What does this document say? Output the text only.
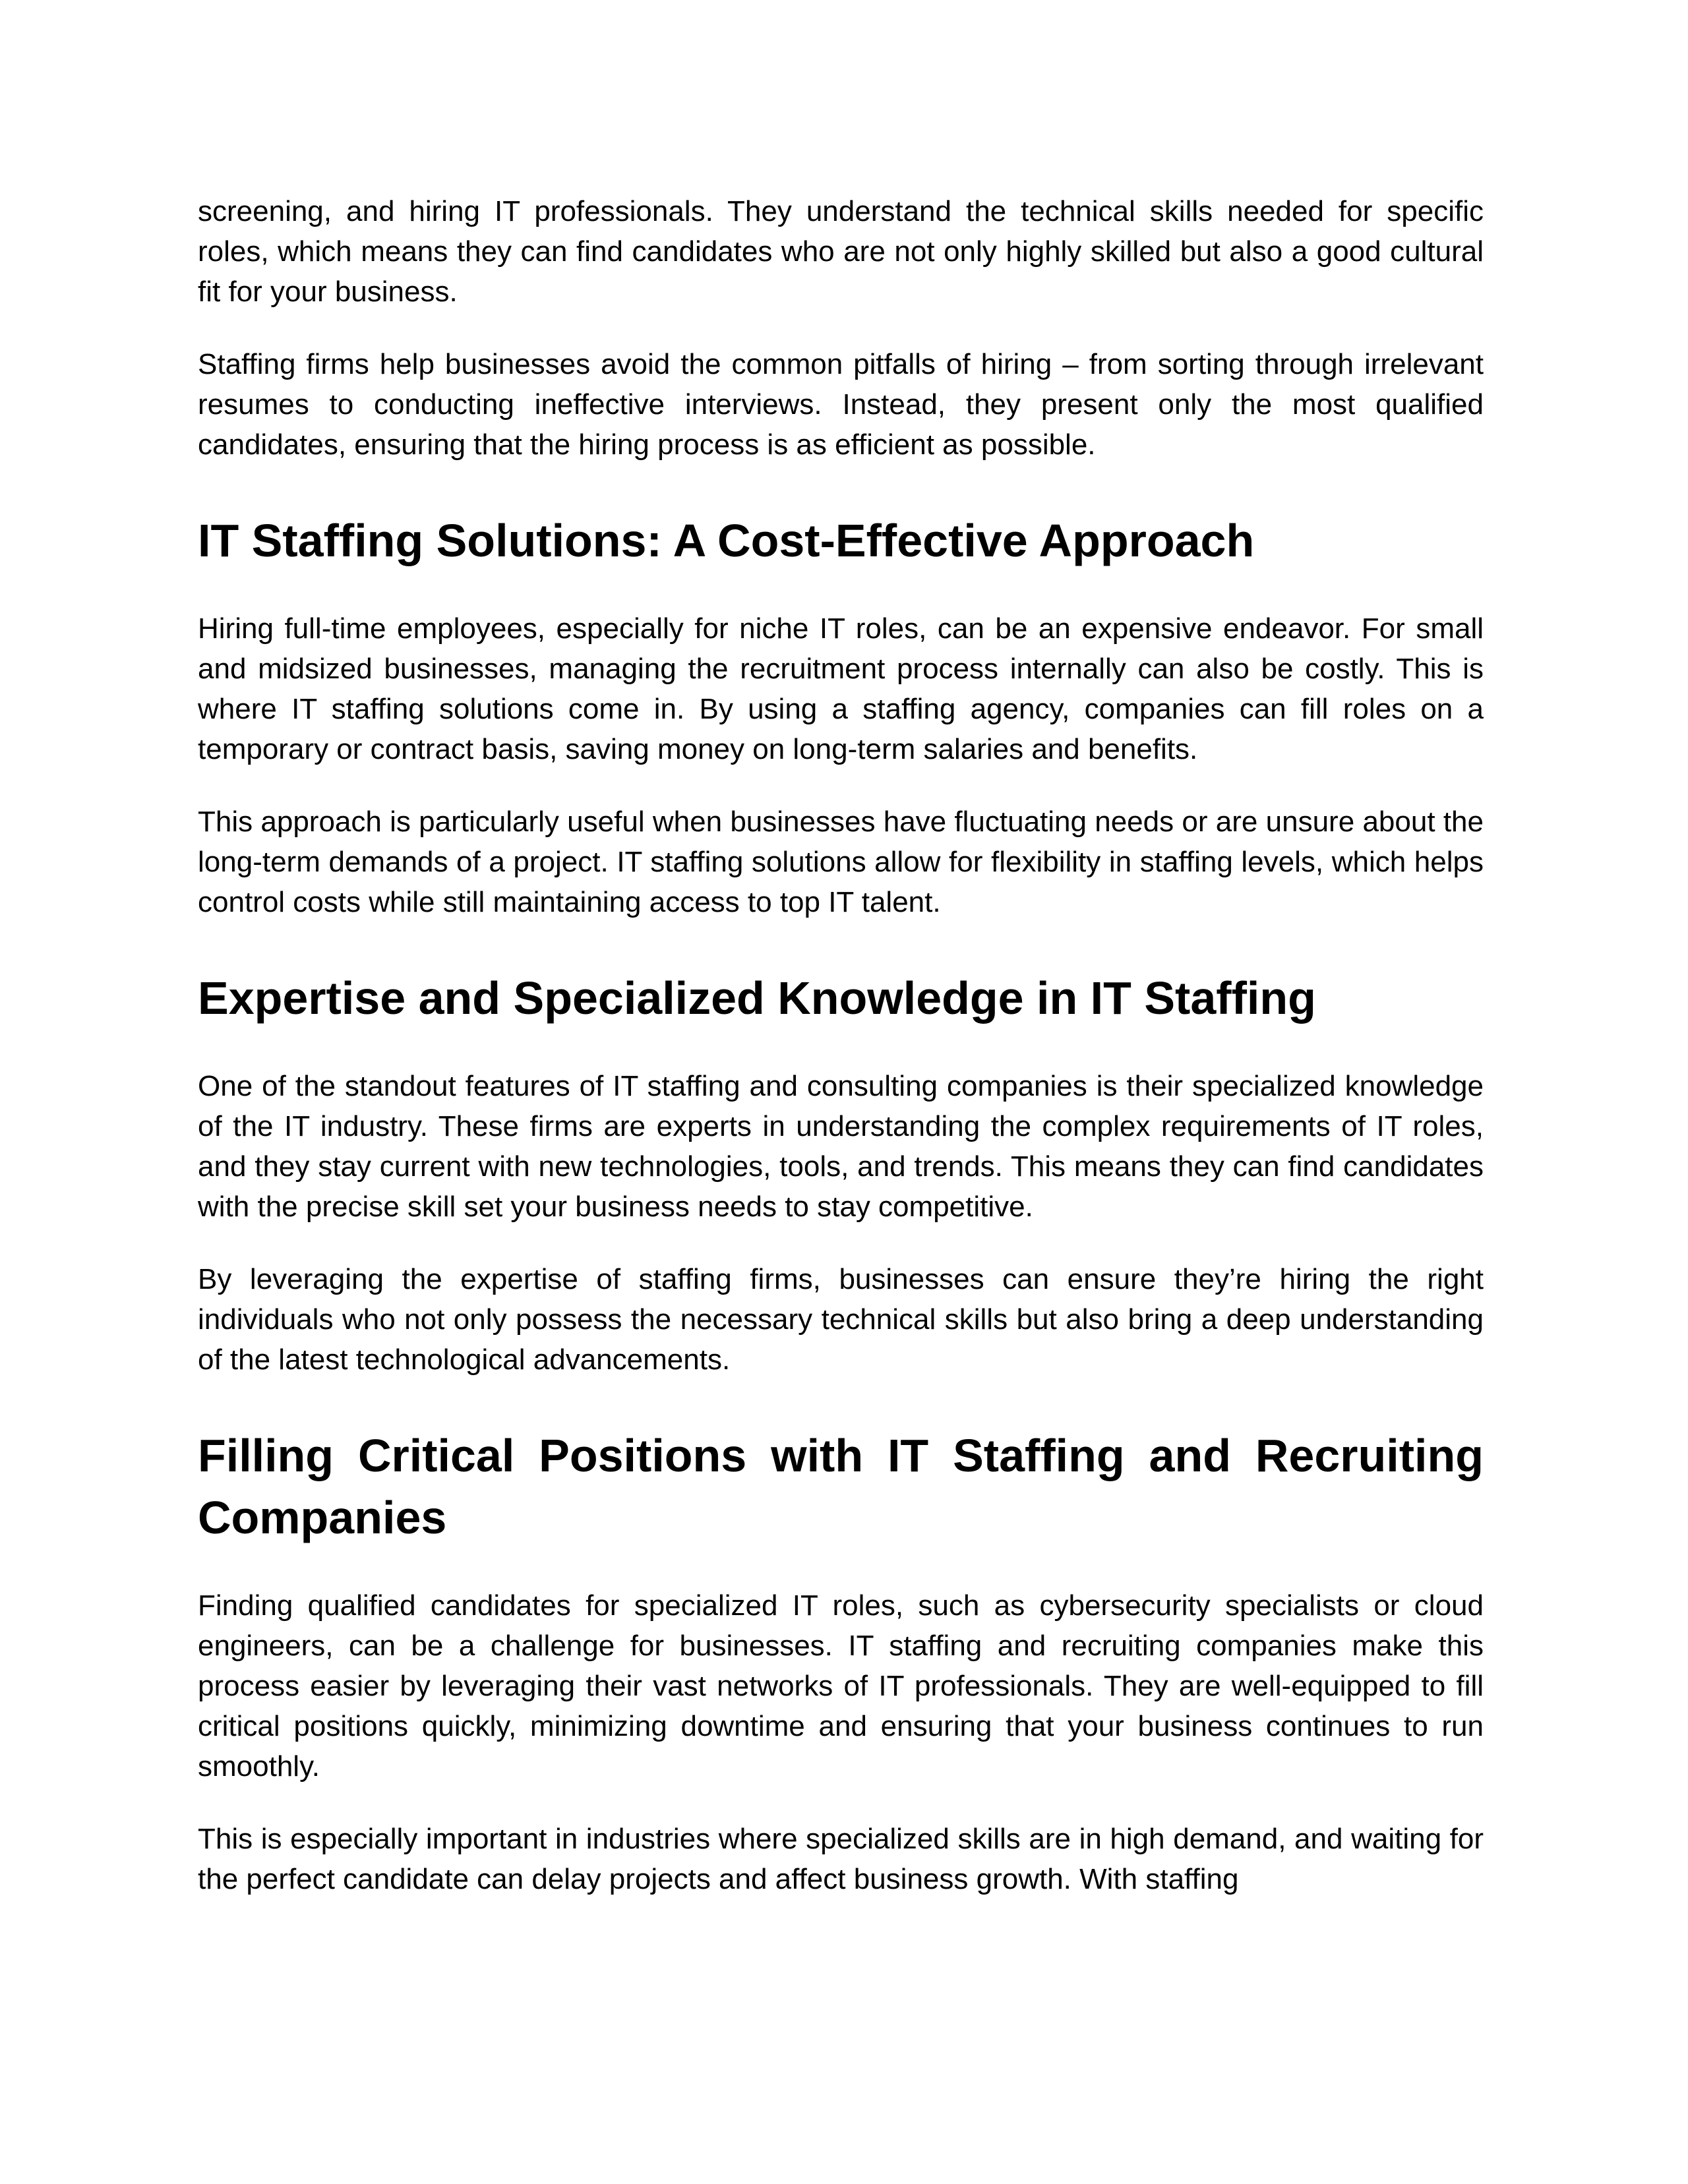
screening, and hiring IT professionals. They understand the technical skills needed for specific roles, which means they can find candidates who are not only highly skilled but also a good cultural fit for your business.

Staffing firms help businesses avoid the common pitfalls of hiring – from sorting through irrelevant resumes to conducting ineffective interviews. Instead, they present only the most qualified candidates, ensuring that the hiring process is as efficient as possible.

IT Staffing Solutions: A Cost-Effective Approach

Hiring full-time employees, especially for niche IT roles, can be an expensive endeavor. For small and midsized businesses, managing the recruitment process internally can also be costly. This is where IT staffing solutions come in. By using a staffing agency, companies can fill roles on a temporary or contract basis, saving money on long-term salaries and benefits.

This approach is particularly useful when businesses have fluctuating needs or are unsure about the long-term demands of a project. IT staffing solutions allow for flexibility in staffing levels, which helps control costs while still maintaining access to top IT talent.

Expertise and Specialized Knowledge in IT Staffing

One of the standout features of IT staffing and consulting companies is their specialized knowledge of the IT industry. These firms are experts in understanding the complex requirements of IT roles, and they stay current with new technologies, tools, and trends. This means they can find candidates with the precise skill set your business needs to stay competitive.

By leveraging the expertise of staffing firms, businesses can ensure they’re hiring the right individuals who not only possess the necessary technical skills but also bring a deep understanding of the latest technological advancements.

Filling Critical Positions with IT Staffing and Recruiting Companies

Finding qualified candidates for specialized IT roles, such as cybersecurity specialists or cloud engineers, can be a challenge for businesses. IT staffing and recruiting companies make this process easier by leveraging their vast networks of IT professionals. They are well-equipped to fill critical positions quickly, minimizing downtime and ensuring that your business continues to run smoothly.

This is especially important in industries where specialized skills are in high demand, and waiting for the perfect candidate can delay projects and affect business growth. With staffing
